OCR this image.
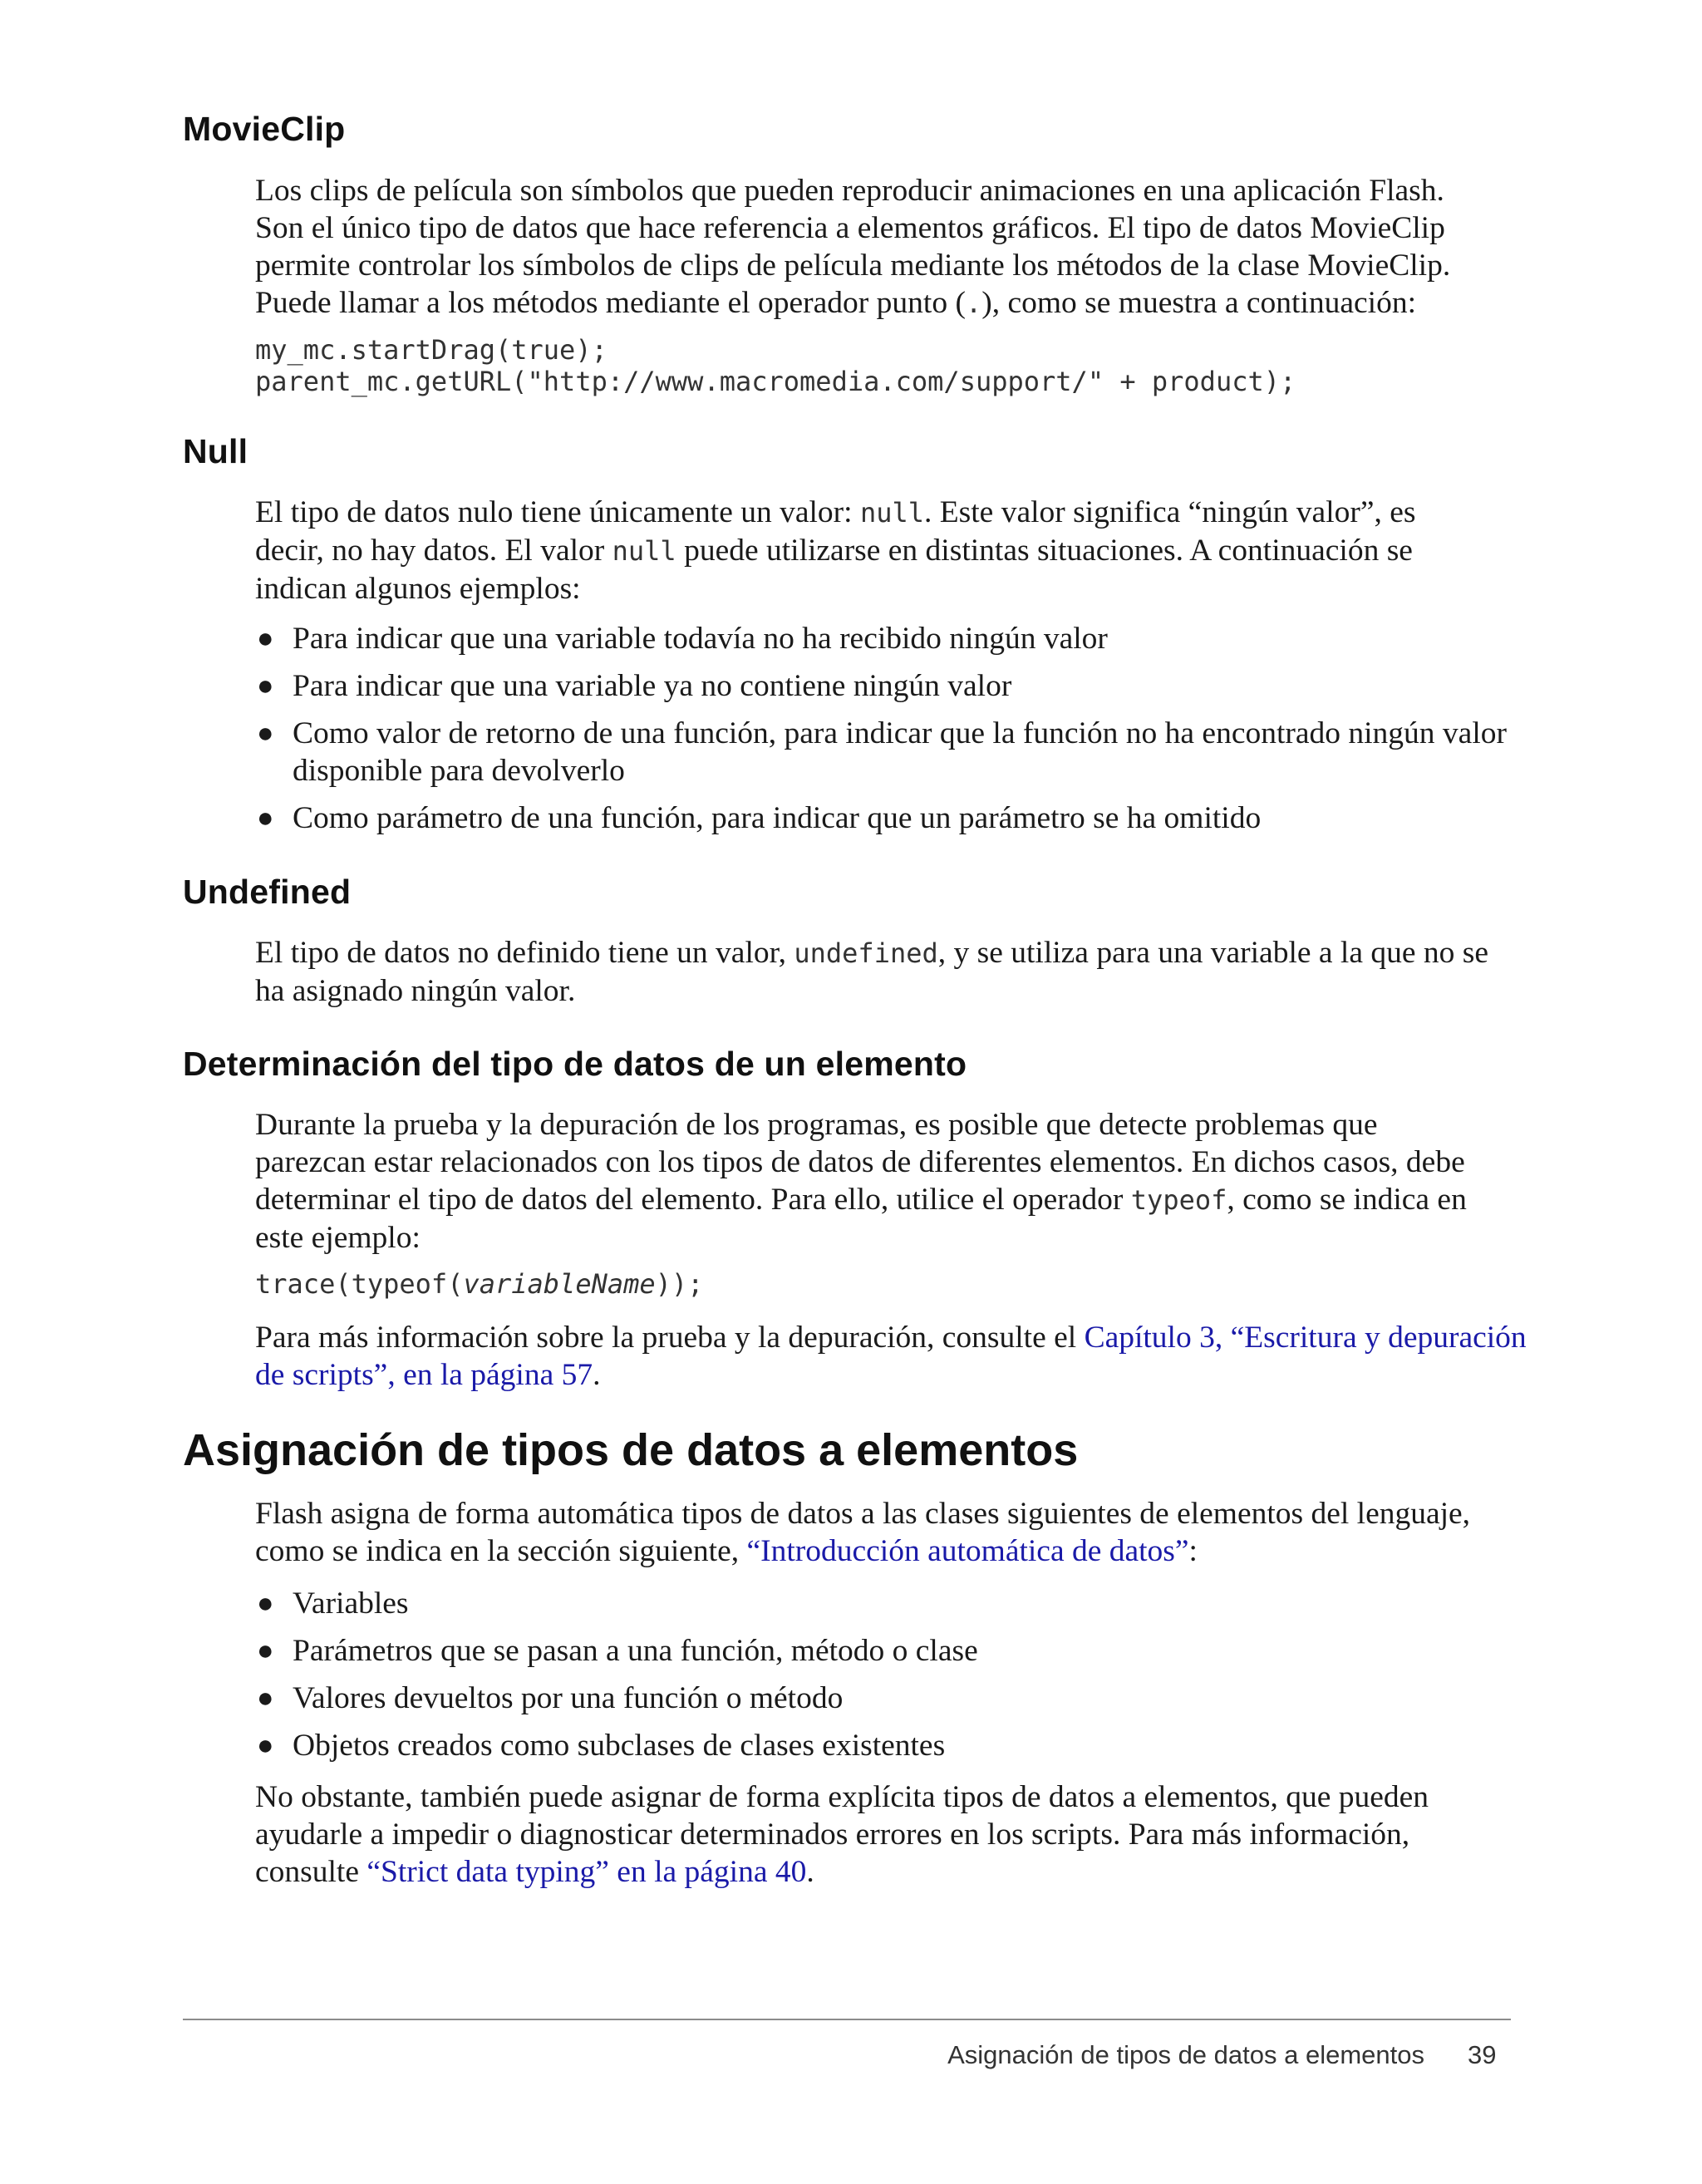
MovieClip

Los clips de película son símbolos que pueden reproducir animaciones en una aplicación Flash.
Son el único tipo de datos que hace referencia a elementos gráficos. El tipo de datos MovieClip
permite controlar los símbolos de clips de película mediante los métodos de la clase MovieClip.
Puede llamar a los métodos mediante el operador punto (.), como se muestra a continuación:

my_mc.startDrag(true);
parent_mc.getURL("http://www.macromedia.com/support/" + product);
Null

El tipo de datos nulo tiene únicamente un valor: null. Este valor significa “ningún valor”, es
decir, no hay datos. El valor null puede utilizarse en distintas situaciones. A continuación se
indican algunos ejemplos:

● Para indicar que una variable todavía no ha recibido ningún valor
● Para indicar que una variable ya no contiene ningún valor
● Como valor de retorno de una función, para indicar que la función no ha encontrado ningún valor disponible para devolverlo
● Como parámetro de una función, para indicar que un parámetro se ha omitido
Undefined

El tipo de datos no definido tiene un valor, undefined, y se utiliza para una variable a la que no se
ha asignado ningún valor.

Determinación del tipo de datos de un elemento

Durante la prueba y la depuración de los programas, es posible que detecte problemas que
parezcan estar relacionados con los tipos de datos de diferentes elementos. En dichos casos, debe
determinar el tipo de datos del elemento. Para ello, utilice el operador typeof, como se indica en
este ejemplo:

trace(typeof(variableName));

Para más información sobre la prueba y la depuración, consulte el Capítulo 3, “Escritura y depuración de scripts”, en la página 57.

Asignación de tipos de datos a elementos

Flash asigna de forma automática tipos de datos a las clases siguientes de elementos del lenguaje,
como se indica en la sección siguiente, “Introducción automática de datos”:

● Variables
● Parámetros que se pasan a una función, método o clase
● Valores devueltos por una función o método
● Objetos creados como subclases de clases existentes

No obstante, también puede asignar de forma explícita tipos de datos a elementos, que pueden
ayudarle a impedir o diagnosticar determinados errores en los scripts. Para más información,
consulte “Strict data typing” en la página 40.

Asignación de tipos de datos a elementos 39
